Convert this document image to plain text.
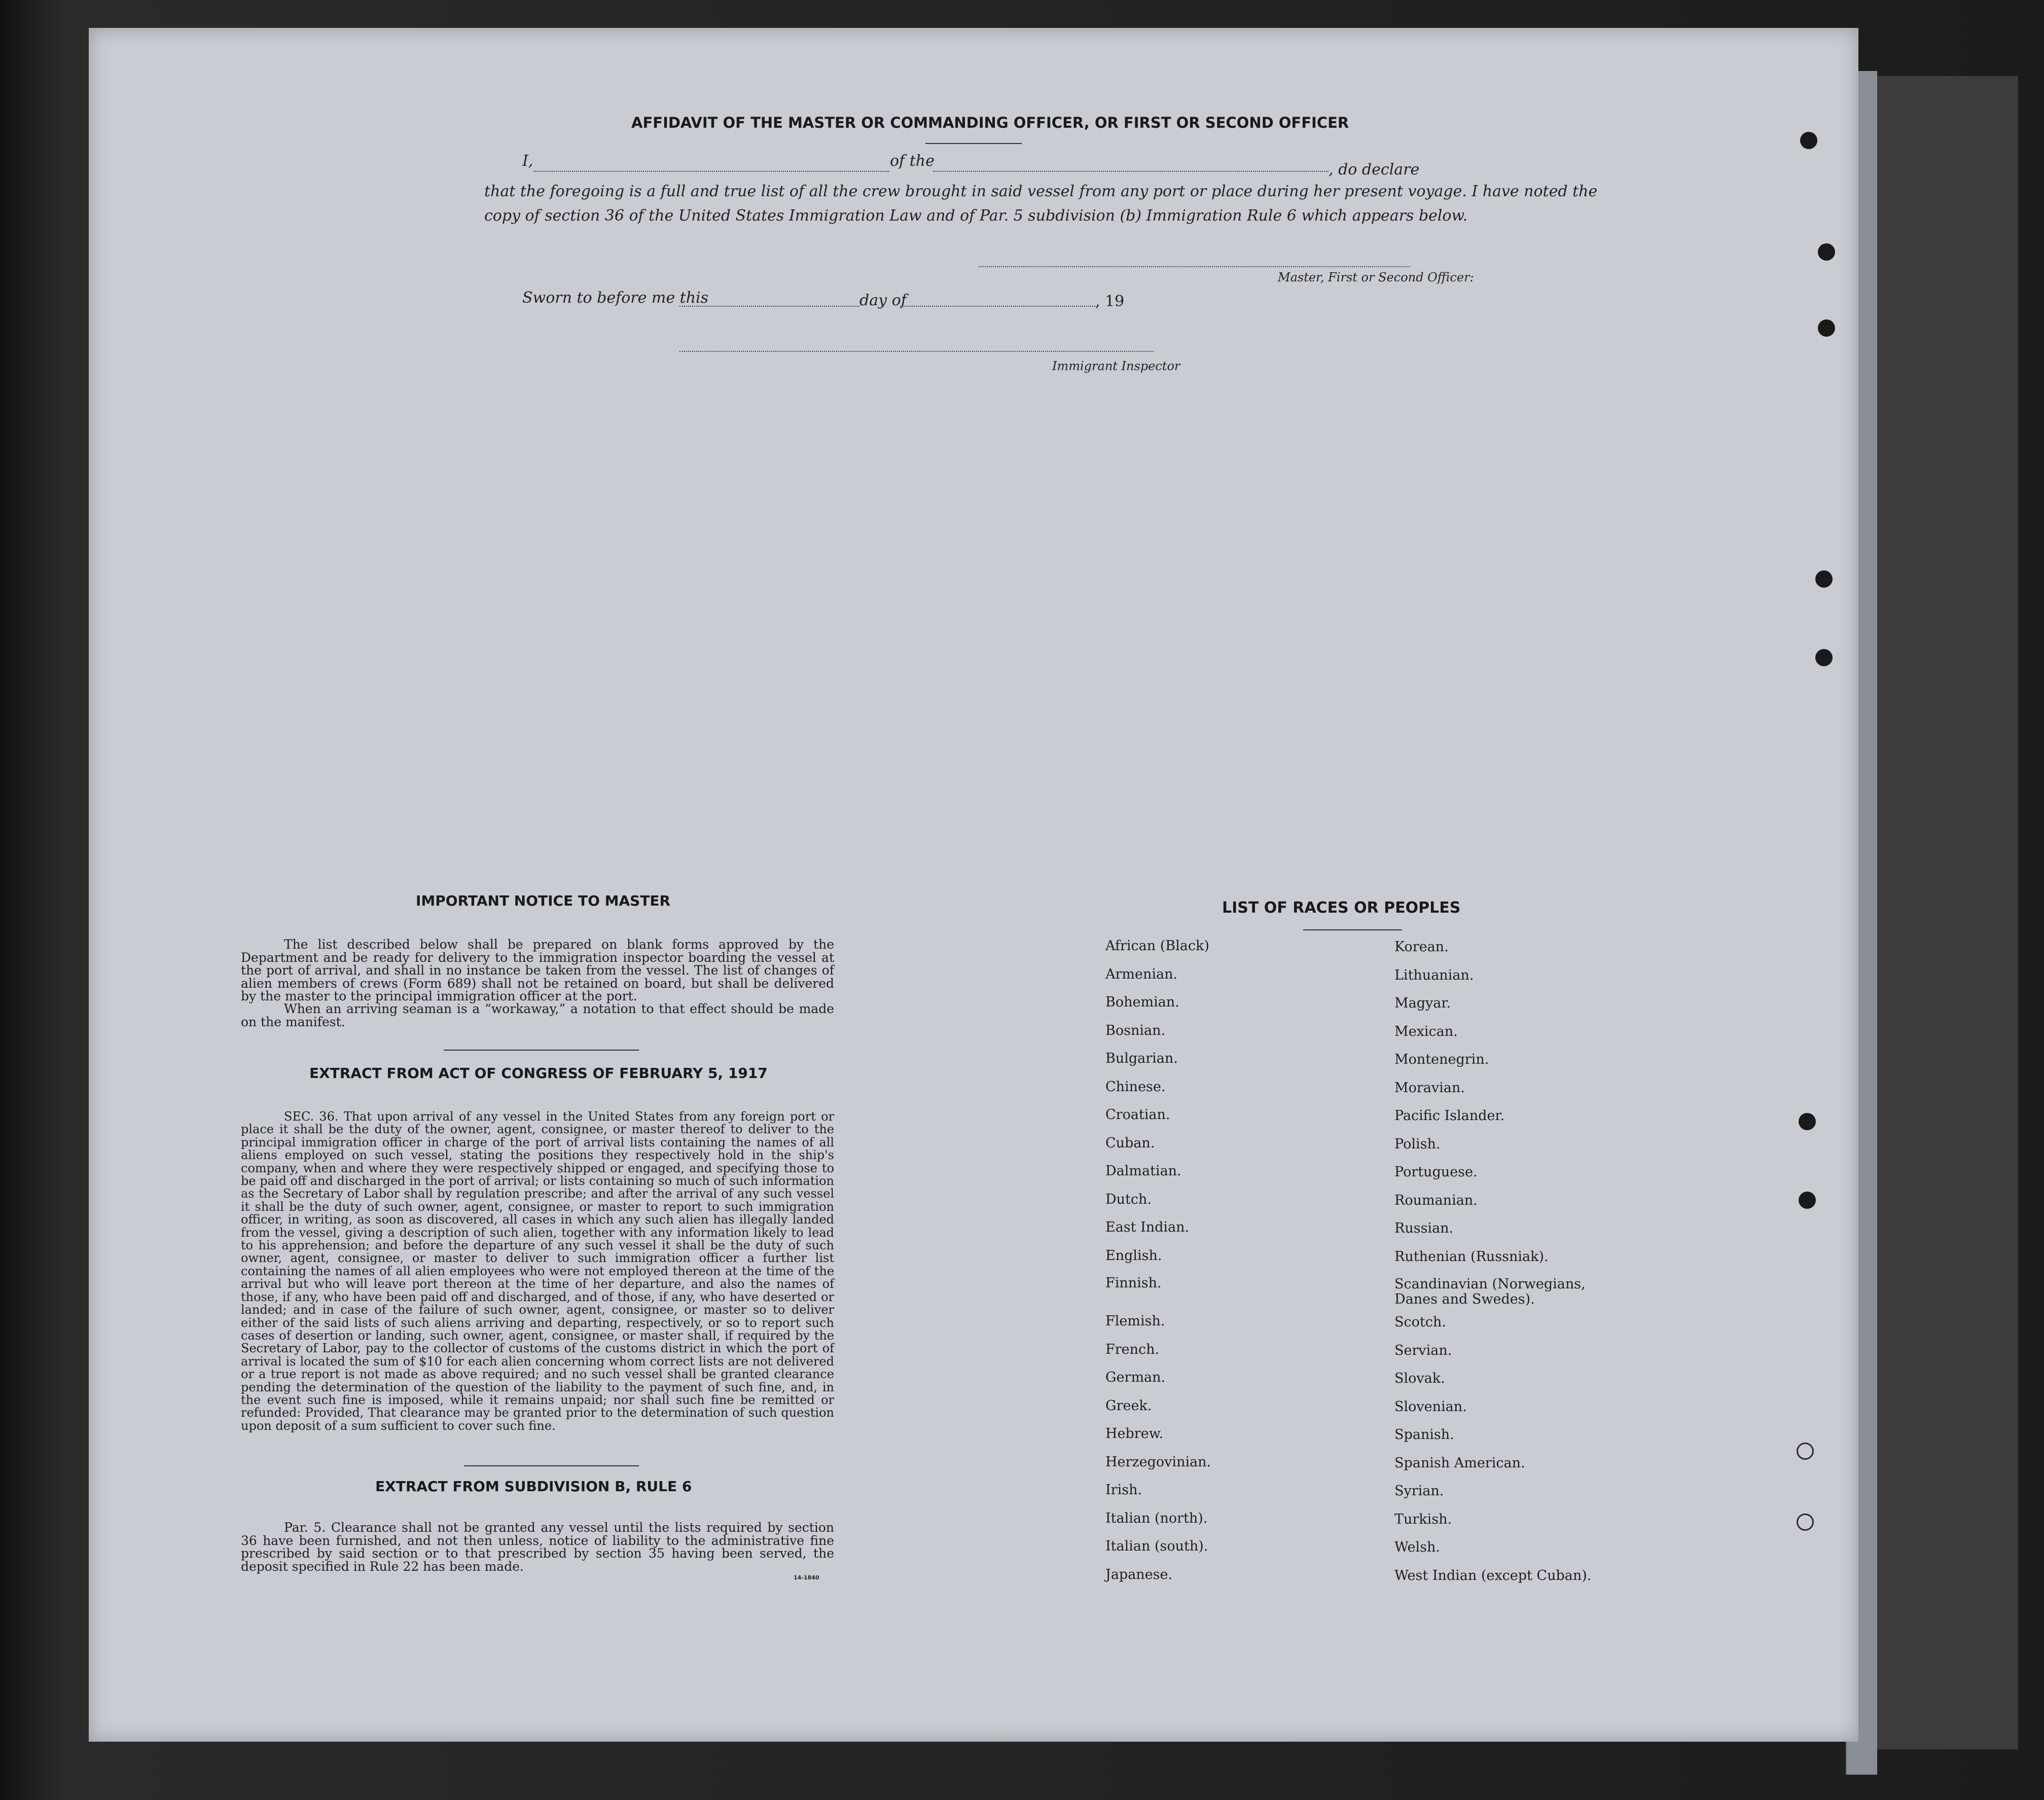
AFFIDAVIT OF THE MASTER OR COMMANDING OFFICER, OR FIRST OR SECOND OFFICER
I,	of the	, do declare
that the foregoing is a full and true list of all the crew brought in said vessel from any port or place during her present voyage. I have noted the
copy of section 36 of the United States Immigration Law and of Par. 5 subdivision (b) Immigration Rule 6 which appears below.
Master, First or Second Officer:
Sworn to before me this	day of	, 19
Immigrant Inspector
IMPORTANT NOTICE TO MASTER
The list described below shall be prepared on blank forms approved by the Department and be ready for delivery to the immigration inspector boarding the vessel at the port of arrival, and shall in no instance be taken from the vessel. The list of changes of alien members of crews (Form 689) shall not be retained on board, but shall be delivered by the master to the principal immigration officer at the port.
When an arriving seaman is a “workaway,” a notation to that effect should be made on the manifest.
EXTRACT FROM ACT OF CONGRESS OF FEBRUARY 5, 1917
SEC. 36. That upon arrival of any vessel in the United States from any foreign port or place it shall be the duty of the owner, agent, consignee, or master thereof to deliver to the principal immigration officer in charge of the port of arrival lists containing the names of all aliens employed on such vessel, stating the positions they respectively hold in the ship's company, when and where they were respectively shipped or engaged, and specifying those to be paid off and discharged in the port of arrival; or lists containing so much of such information as the Secretary of Labor shall by regulation prescribe; and after the arrival of any such vessel it shall be the duty of such owner, agent, consignee, or master to report to such immigration officer, in writing, as soon as discovered, all cases in which any such alien has illegally landed from the vessel, giving a description of such alien, together with any information likely to lead to his apprehension; and before the departure of any such vessel it shall be the duty of such owner, agent, consignee, or master to deliver to such immigration officer a further list containing the names of all alien employees who were not employed thereon at the time of the arrival but who will leave port thereon at the time of her departure, and also the names of those, if any, who have been paid off and discharged, and of those, if any, who have deserted or landed; and in case of the failure of such owner, agent, consignee, or master so to deliver either of the said lists of such aliens arriving and departing, respectively, or so to report such cases of desertion or landing, such owner, agent, consignee, or master shall, if required by the Secretary of Labor, pay to the collector of customs of the customs district in which the port of arrival is located the sum of $10 for each alien concerning whom correct lists are not delivered or a true report is not made as above required; and no such vessel shall be granted clearance pending the determination of the question of the liability to the payment of such fine, and, in the event such fine is imposed, while it remains unpaid; nor shall such fine be remitted or refunded: Provided, That clearance may be granted prior to the determination of such question upon deposit of a sum sufficient to cover such fine.
EXTRACT FROM SUBDIVISION B, RULE 6
Par. 5. Clearance shall not be granted any vessel until the lists required by section 36 have been furnished, and not then unless, notice of liability to the administrative fine prescribed by said section or to that prescribed by section 35 having been served, the deposit specified in Rule 22 has been made.
14-1840
LIST OF RACES OR PEOPLES
African (Black)
Armenian.
Bohemian.
Bosnian.
Bulgarian.
Chinese.
Croatian.
Cuban.
Dalmatian.
Dutch.
East Indian.
English.
Finnish.
Flemish.
French.
German.
Greek.
Hebrew.
Herzegovinian.
Irish.
Italian (north).
Italian (south).
Japanese.
Korean.
Lithuanian.
Magyar.
Mexican.
Montenegrin.
Moravian.
Pacific Islander.
Polish.
Portuguese.
Roumanian.
Russian.
Ruthenian (Russniak).
Scandinavian (Norwegians, Danes and Swedes).
Scotch.
Servian.
Slovak.
Slovenian.
Spanish.
Spanish American.
Syrian.
Turkish.
Welsh.
West Indian (except Cuban).
